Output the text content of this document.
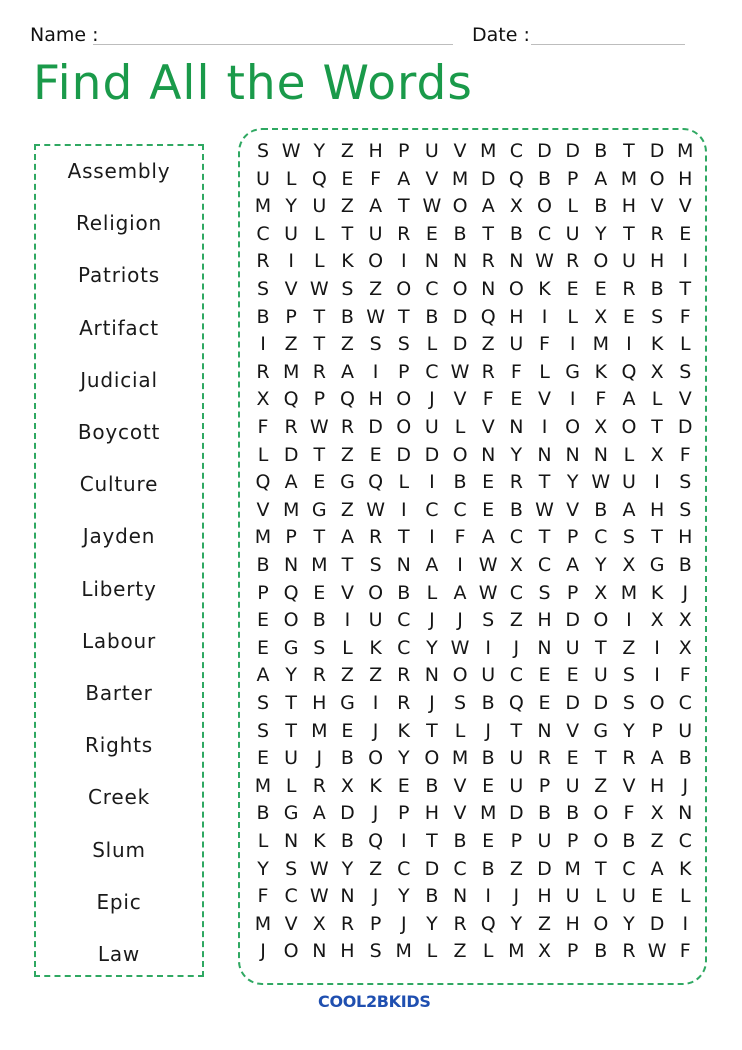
Name :	Date :
Find All the Words
Assembly
Religion
Patriots
Artifact
Judicial
Boycott
Culture
Jayden
Liberty
Labour
Barter
Rights
Creek
Slum
Epic
Law
S W Y Z H P U V M C D D B T D M
U L Q E F A V M D Q B P A M O H
M Y U Z A T W O A X O L B H V V
C U L T U R E B T B C U Y T R E
R I	L K O I N N R N W R O U H I
S V W S Z O C O N O K E E R B T
B P T B W T B D Q H I	L X E S F
I Z T Z S S L D Z U F	I M I	K L
R M R A I	P C W R F L G K Q X S
X Q P Q H O J V F E V I	F A L V
F R W R D O U L V N I O X O T D
L D T Z E D D O N Y N N N L X F
Q A E G Q L	I B E R T Y W U I	S
V M G Z W I C C E B W V B A H S
M P T A R T	I	F A C T P C S T H
B N M T S N A I W X C A Y X G B
P Q E V O B L A W C S P X M K	J
E O B I U C J	J	S Z H D O I X X
E G S L K C Y W I	J N U T Z I X
A Y R Z Z R N O U C E E U S	I	F
S T H G I R J	S B Q E D D S O C
S T M E	J	K T L	J	T N V G Y P U
E U J B O Y O M B U R E T R A B
M L R X K E B V E U P U Z V H J
B G A D J	P H V M D B B O F X N
L N K B Q I	T B E P U P O B Z C
Y S W Y Z C D C B Z D M T C A K
F C W N J	Y B N I	J H U L U E L
M V X R P	J	Y R Q Y Z H O Y D I
J O N H S M L Z L M X P B R W F
COOL2BKIDS
